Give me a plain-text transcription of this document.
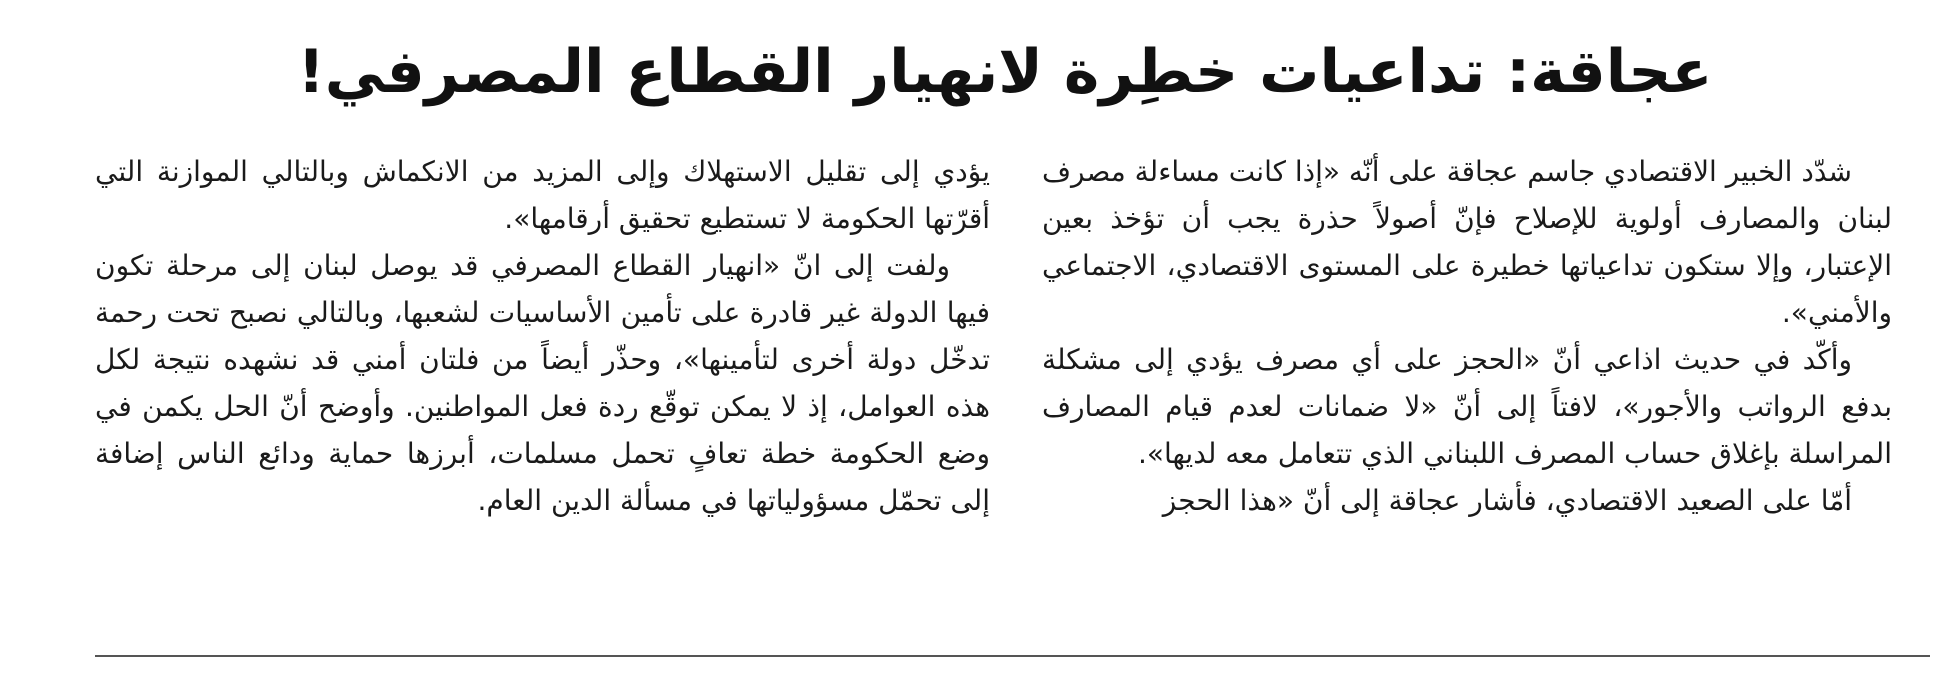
عجاقة: تداعيات خطِرة لانهيار القطاع المصرفي!

شدّد الخبير الاقتصادي جاسم عجاقة على أنّه «إذا كانت مساءلة مصرف لبنان والمصارف أولوية للإصلاح فإنّ أصولاً حذرة يجب أن تؤخذ بعين الإعتبار، وإلا ستكون تداعياتها خطيرة على المستوى الاقتصادي، الاجتماعي والأمني».

وأكّد في حديث اذاعي أنّ «الحجز على أي مصرف يؤدي إلى مشكلة بدفع الرواتب والأجور»، لافتاً إلى أنّ «لا ضمانات لعدم قيام المصارف المراسلة بإغلاق حساب المصرف اللبناني الذي تتعامل معه لديها».

أمّا على الصعيد الاقتصادي، فأشار عجاقة إلى أنّ «هذا الحجز

يؤدي إلى تقليل الاستهلاك وإلى المزيد من الانكماش وبالتالي الموازنة التي أقرّتها الحكومة لا تستطيع تحقيق أرقامها».

ولفت إلى انّ «انهيار القطاع المصرفي قد يوصل لبنان إلى مرحلة تكون فيها الدولة غير قادرة على تأمين الأساسيات لشعبها، وبالتالي نصبح تحت رحمة تدخّل دولة أخرى لتأمينها»، وحذّر أيضاً من فلتان أمني قد نشهده نتيجة لكل هذه العوامل، إذ لا يمكن توقّع ردة فعل المواطنين. وأوضح أنّ الحل يكمن في وضع الحكومة خطة تعافٍ تحمل مسلمات، أبرزها حماية ودائع الناس إضافة إلى تحمّل مسؤولياتها في مسألة الدين العام.
